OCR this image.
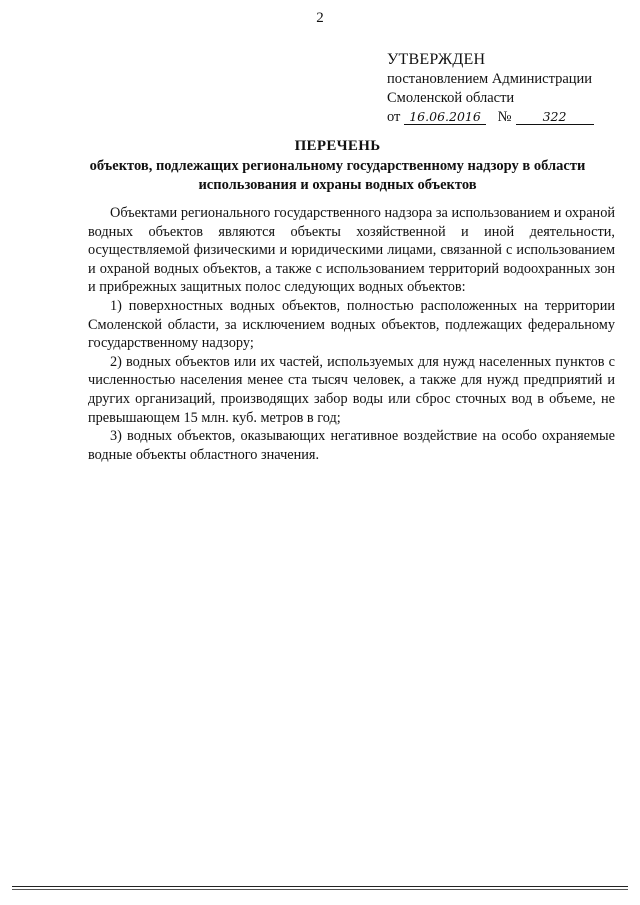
2
УТВЕРЖДЕН
постановлением Администрации
Смоленской области
от 16.06.2016 № 322
ПЕРЕЧЕНЬ
объектов, подлежащих региональному государственному надзору в области использования и охраны водных объектов

Объектами регионального государственного надзора за использованием и охраной водных объектов являются объекты хозяйственной и иной деятельности, осуществляемой физическими и юридическими лицами, связанной с использованием и охраной водных объектов, а также с использованием территорий водоохранных зон и прибрежных защитных полос следующих водных объектов:

1) поверхностных водных объектов, полностью расположенных на территории Смоленской области, за исключением водных объектов, подлежащих федеральному государственному надзору;

2) водных объектов или их частей, используемых для нужд населенных пунктов с численностью населения менее ста тысяч человек, а также для нужд предприятий и других организаций, производящих забор воды или сброс сточных вод в объеме, не превышающем 15 млн. куб. метров в год;

3) водных объектов, оказывающих негативное воздействие на особо охраняемые водные объекты областного значения.
